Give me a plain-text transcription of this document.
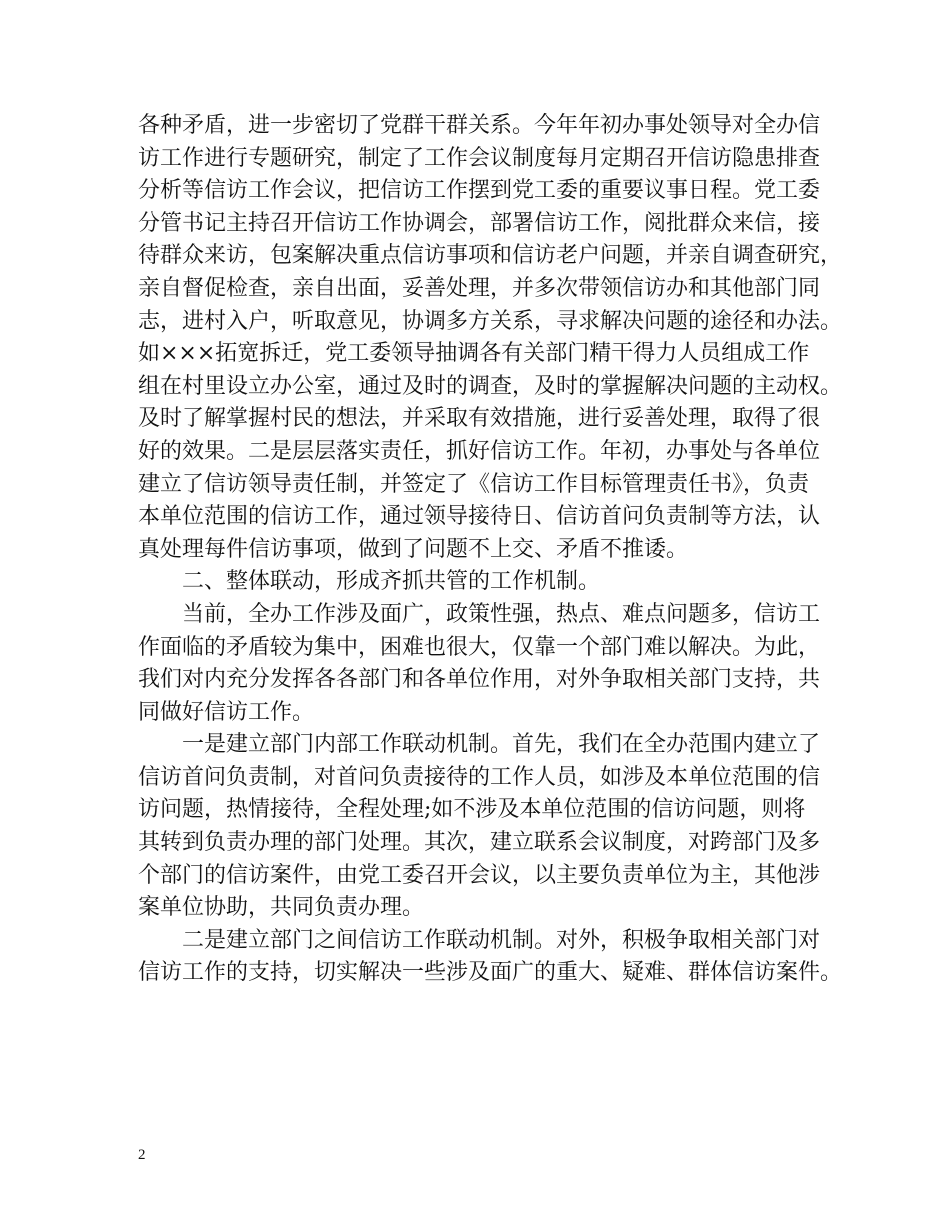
各种矛盾，进一步密切了党群干群关系。今年年初办事处领导对全办信

访工作进行专题研究，制定了工作会议制度每月定期召开信访隐患排查

分析等信访工作会议，把信访工作摆到党工委的重要议事日程。党工委

分管书记主持召开信访工作协调会，部署信访工作，阅批群众来信，接

待群众来访，包案解决重点信访事项和信访老户问题，并亲自调查研究，

亲自督促检查，亲自出面，妥善处理，并多次带领信访办和其他部门同

志，进村入户，听取意见，协调多方关系，寻求解决问题的途径和办法。

如×××拓宽拆迁，党工委领导抽调各有关部门精干得力人员组成工作

组在村里设立办公室，通过及时的调查，及时的掌握解决问题的主动权。

及时了解掌握村民的想法，并采取有效措施，进行妥善处理，取得了很

好的效果。二是层层落实责任，抓好信访工作。年初，办事处与各单位

建立了信访领导责任制，并签定了《信访工作目标管理责任书》，负责

本单位范围的信访工作，通过领导接待日、信访首问负责制等方法，认

真处理每件信访事项，做到了问题不上交、矛盾不推诿。

二、整体联动，形成齐抓共管的工作机制。

当前，全办工作涉及面广，政策性强，热点、难点问题多，信访工

作面临的矛盾较为集中，困难也很大，仅靠一个部门难以解决。为此，

我们对内充分发挥各各部门和各单位作用，对外争取相关部门支持，共

同做好信访工作。

一是建立部门内部工作联动机制。首先，我们在全办范围内建立了

信访首问负责制，对首问负责接待的工作人员，如涉及本单位范围的信

访问题，热情接待，全程处理;如不涉及本单位范围的信访问题，则将

其转到负责办理的部门处理。其次，建立联系会议制度，对跨部门及多

个部门的信访案件，由党工委召开会议，以主要负责单位为主，其他涉

案单位协助，共同负责办理。

二是建立部门之间信访工作联动机制。对外，积极争取相关部门对

信访工作的支持，切实解决一些涉及面广的重大、疑难、群体信访案件。

2
